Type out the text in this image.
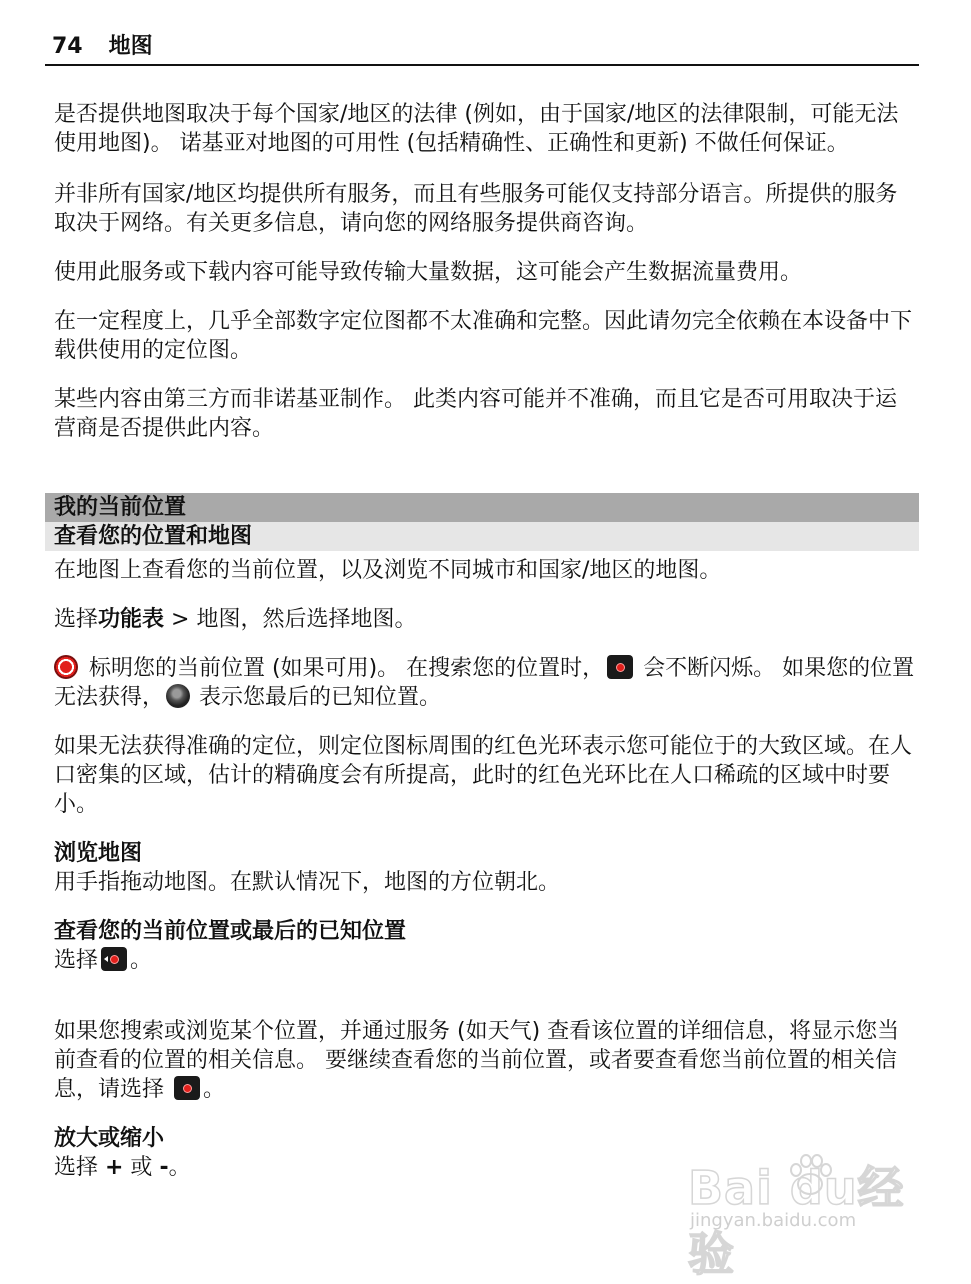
74 地图

是否提供地图取决于每个国家/地区的法律 (例如，由于国家/地区的法律限制，可能无法使用地图)。 诺基亚对地图的可用性 (包括精确性、正确性和更新) 不做任何保证。

并非所有国家/地区均提供所有服务，而且有些服务可能仅支持部分语言。所提供的服务取决于网络。有关更多信息，请向您的网络服务提供商咨询。

使用此服务或下载内容可能导致传输大量数据，这可能会产生数据流量费用。

在一定程度上，几乎全部数字定位图都不太准确和完整。因此请勿完全依赖在本设备中下载供使用的定位图。

某些内容由第三方而非诺基亚制作。 此类内容可能并不准确，而且它是否可用取决于运营商是否提供此内容。

我的当前位置
查看您的位置和地图

在地图上查看您的当前位置，以及浏览不同城市和国家/地区的地图。

选择功能表 > 地图，然后选择地图。

标明您的当前位置 (如果可用)。 在搜索您的位置时，
会不断闪烁。 如果您的位置无法获得， 表示您最后的已知位置。

如果无法获得准确的定位，则定位图标周围的红色光环表示您可能位于的大致区域。在人口密集的区域，估计的精确度会有所提高，此时的红色光环比在人口稀疏的区域中时要小。

浏览地图

用手指拖动地图。在默认情况下，地图的方位朝北。

查看您的当前位置或最后的已知位置

选择 。

如果您搜索或浏览某个位置，并通过服务 (如天气) 查看该位置的详细信息，将显示您当前查看的位置的相关信息。 要继续查看您的当前位置，或者要查看您当前位置的相关信息，请选择
。

放大或缩小

选择 + 或 -。	Bai du经验
jingyan.baidu.com
